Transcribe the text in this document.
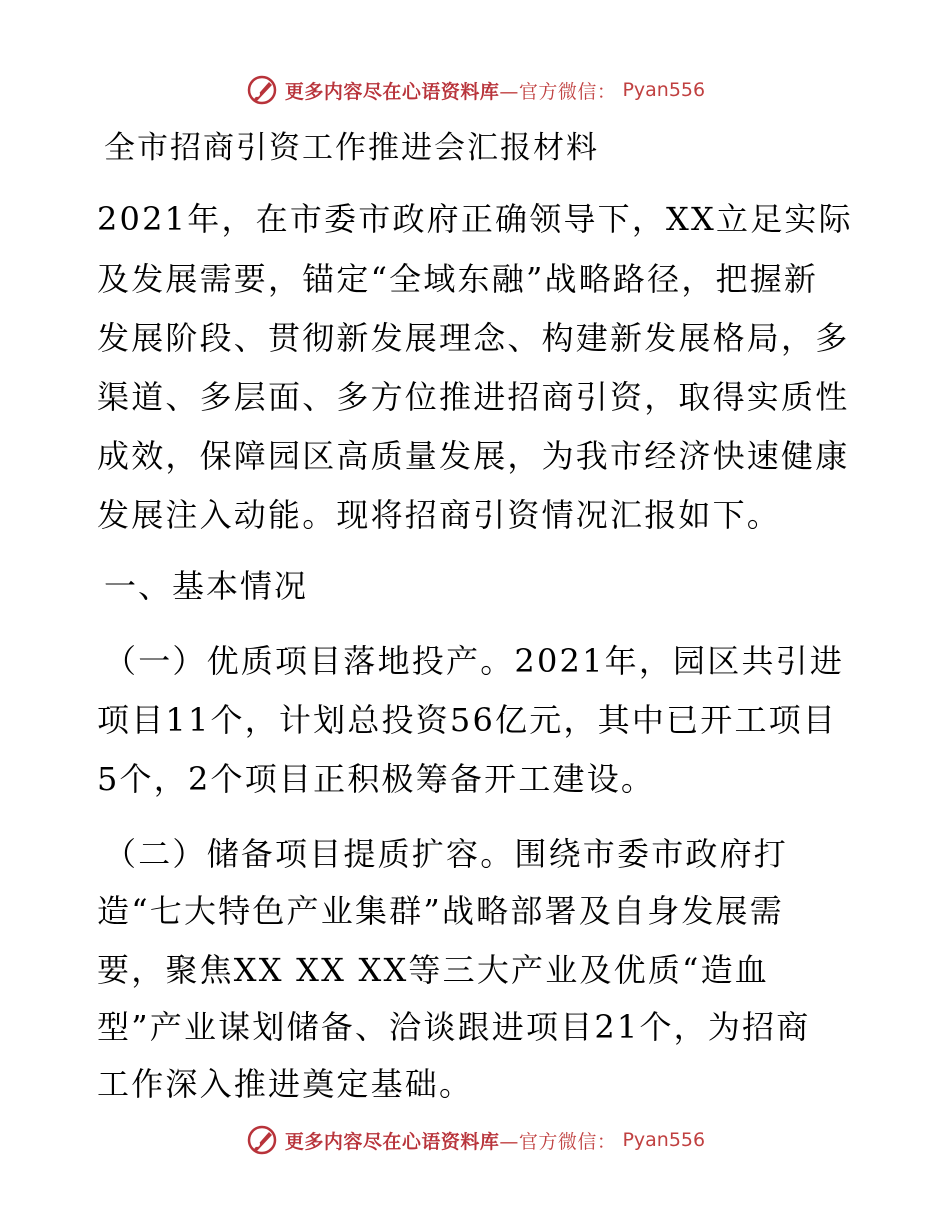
更多内容尽在心语资料库—官方微信： Pyan556
全市招商引资工作推进会汇报材料
2021年，在市委市政府正确领导下，XX立足实际
及发展需要，锚定“全域东融”战略路径，把握新
发展阶段、贯彻新发展理念、构建新发展格局，多
渠道、多层面、多方位推进招商引资，取得实质性
成效，保障园区高质量发展，为我市经济快速健康
发展注入动能。现将招商引资情况汇报如下。
一、基本情况
（一）优质项目落地投产。2021年，园区共引进
项目11个，计划总投资56亿元，其中已开工项目
5个，2个项目正积极筹备开工建设。
（二）储备项目提质扩容。围绕市委市政府打
造“七大特色产业集群”战略部署及自身发展需
要，聚焦XX XX XX等三大产业及优质“造血
型”产业谋划储备、洽谈跟进项目21个，为招商
工作深入推进奠定基础。
更多内容尽在心语资料库—官方微信： Pyan556
